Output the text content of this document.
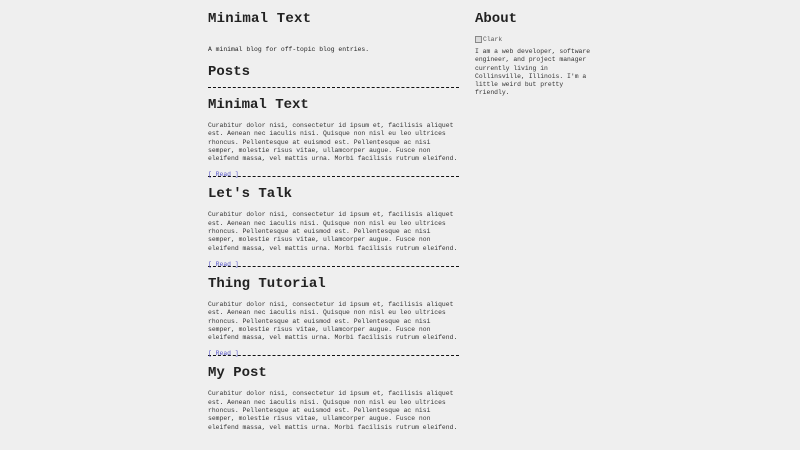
Minimal Text

A minimal blog for off-topic blog entries.

Posts
Minimal Text

Curabitur dolor nisi, consectetur id ipsum et, facilisis aliquet est. Aenean nec iaculis nisi. Quisque non nisl eu leo ultrices rhoncus. Pellentesque at euismod est. Pellentesque ac nisi semper, molestie risus vitae, ullamcorper augue. Fusce non eleifend massa, vel mattis urna. Morbi facilisis rutrum eleifend.

[ Read ]
Let's Talk

Curabitur dolor nisi, consectetur id ipsum et, facilisis aliquet est. Aenean nec iaculis nisi. Quisque non nisl eu leo ultrices rhoncus. Pellentesque at euismod est. Pellentesque ac nisi semper, molestie risus vitae, ullamcorper augue. Fusce non eleifend massa, vel mattis urna. Morbi facilisis rutrum eleifend.

[ Read ]
Thing Tutorial

Curabitur dolor nisi, consectetur id ipsum et, facilisis aliquet est. Aenean nec iaculis nisi. Quisque non nisl eu leo ultrices rhoncus. Pellentesque at euismod est. Pellentesque ac nisi semper, molestie risus vitae, ullamcorper augue. Fusce non eleifend massa, vel mattis urna. Morbi facilisis rutrum eleifend.

[ Read ]
My Post

Curabitur dolor nisi, consectetur id ipsum et, facilisis aliquet est. Aenean nec iaculis nisi. Quisque non nisl eu leo ultrices rhoncus. Pellentesque at euismod est. Pellentesque ac nisi semper, molestie risus vitae, ullamcorper augue. Fusce non eleifend massa, vel mattis urna. Morbi facilisis rutrum eleifend.

About
Clark

I am a web developer, software engineer, and project manager currently living in Collinsville, Illinois. I'm a little weird but pretty friendly.
